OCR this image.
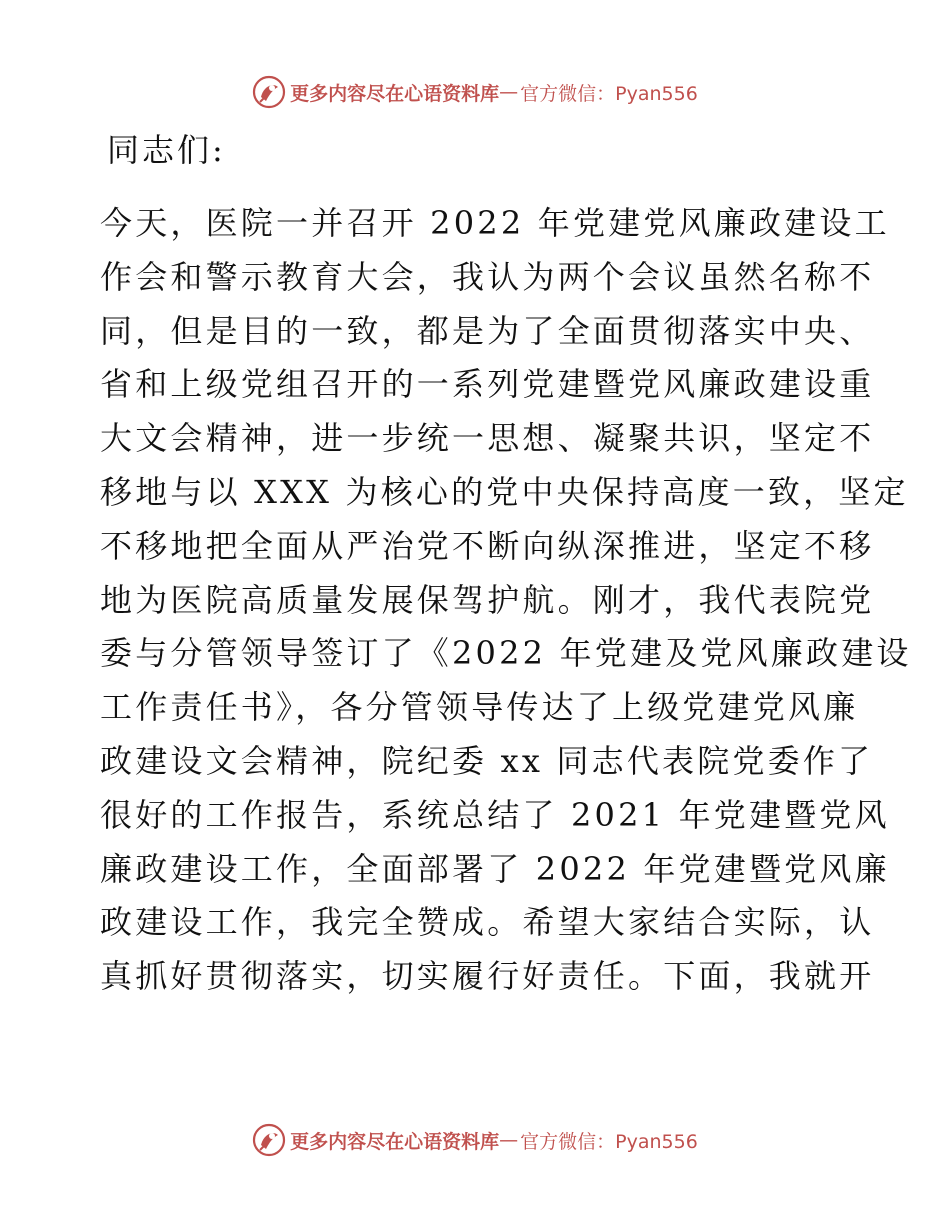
更多内容尽在心语资料库 — 官方微信：Pyan556
同志们:
今天，医院一并召开 2022 年党建党风廉政建设工
作会和警示教育大会，我认为两个会议虽然名称不
同，但是目的一致，都是为了全面贯彻落实中央、
省和上级党组召开的一系列党建暨党风廉政建设重
大文会精神，进一步统一思想、凝聚共识，坚定不
移地与以 XXX 为核心的党中央保持高度一致，坚定
不移地把全面从严治党不断向纵深推进，坚定不移
地为医院高质量发展保驾护航。刚才，我代表院党
委与分管领导签订了《2022 年党建及党风廉政建设
工作责任书》，各分管领导传达了上级党建党风廉
政建设文会精神，院纪委 xx 同志代表院党委作了
很好的工作报告，系统总结了 2021 年党建暨党风
廉政建设工作，全面部署了 2022 年党建暨党风廉
政建设工作，我完全赞成。希望大家结合实际，认
真抓好贯彻落实，切实履行好责任。下面，我就开
更多内容尽在心语资料库 — 官方微信：Pyan556
